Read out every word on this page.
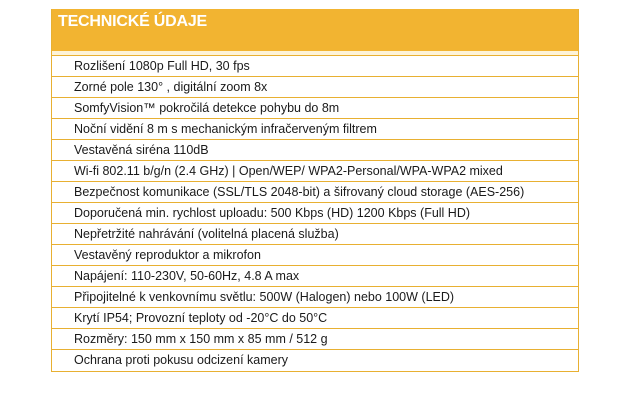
TECHNICKÉ ÚDAJE
Rozlišení 1080p Full HD, 30 fps
Zorné pole 130° , digitální zoom 8x
SomfyVision™ pokročilá detekce pohybu do 8m
Noční vidění 8 m s mechanickým infračerveným filtrem
Vestavěná siréna 110dB
Wi-fi 802.11 b/g/n (2.4 GHz) | Open/WEP/ WPA2-Personal/WPA-WPA2 mixed
Bezpečnost komunikace (SSL/TLS 2048-bit) a šifrovaný cloud storage (AES-256)
Doporučená min. rychlost uploadu: 500 Kbps (HD) 1200 Kbps (Full HD)
Nepřetržité nahrávání (volitelná placená služba)
Vestavěný reproduktor a mikrofon
Napájení: 110-230V, 50-60Hz, 4.8 A max
Připojitelné k venkovnímu světlu: 500W (Halogen) nebo 100W (LED)
Krytí IP54; Provozní teploty od -20°C do 50°C
Rozměry: 150 mm x 150 mm x 85 mm / 512 g
Ochrana proti pokusu odcizení kamery
